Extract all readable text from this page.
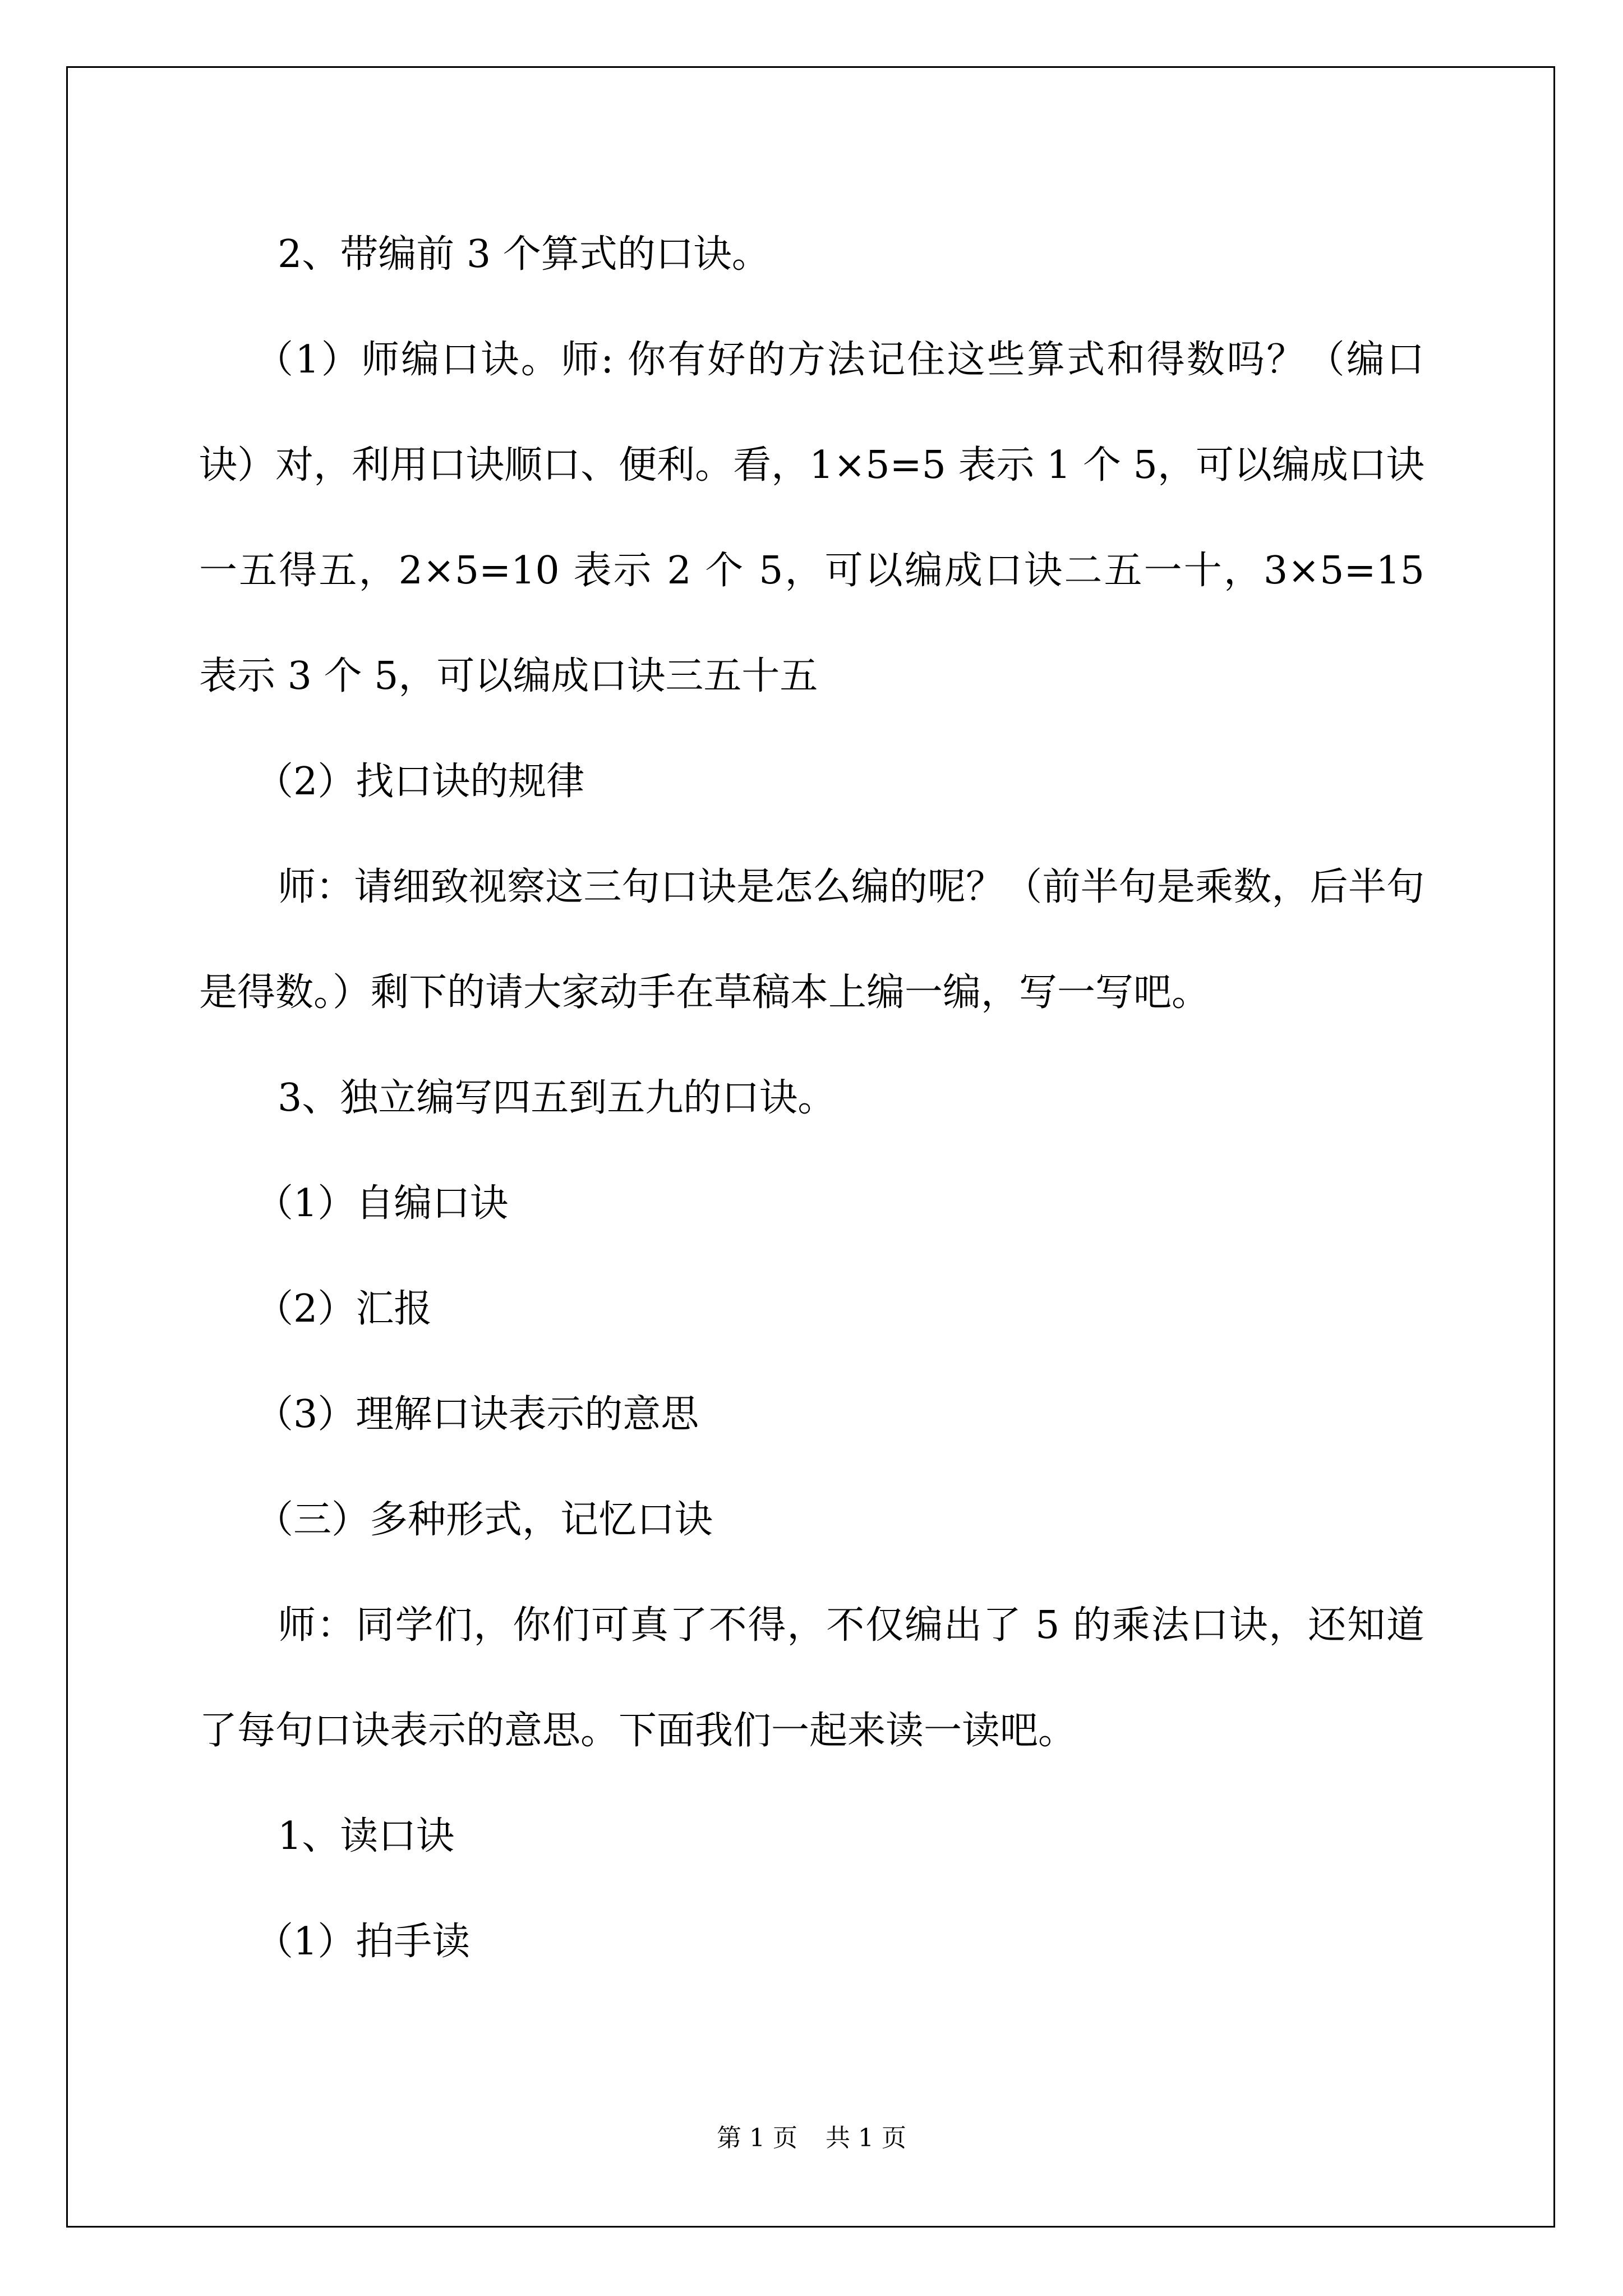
2、带编前 3 个算式的口诀。

（1）师编口诀。师: 你有好的方法记住这些算式和得数吗？（编口诀）对，利用口诀顺口、便利。看，1×5=5 表示 1 个 5，可以编成口诀一五得五，2×5=10 表示 2 个 5，可以编成口诀二五一十，3×5=15 表示 3 个 5，可以编成口诀三五十五

（2）找口诀的规律

师：请细致视察这三句口诀是怎么编的呢？（前半句是乘数，后半句是得数。）剩下的请大家动手在草稿本上编一编，写一写吧。

3、独立编写四五到五九的口诀。

（1）自编口诀

（2）汇报

（3）理解口诀表示的意思

（三）多种形式，记忆口诀

师：同学们，你们可真了不得，不仅编出了 5 的乘法口诀，还知道了每句口诀表示的意思。下面我们一起来读一读吧。

1、读口诀

（1）拍手读

第 1 页 共 1 页
